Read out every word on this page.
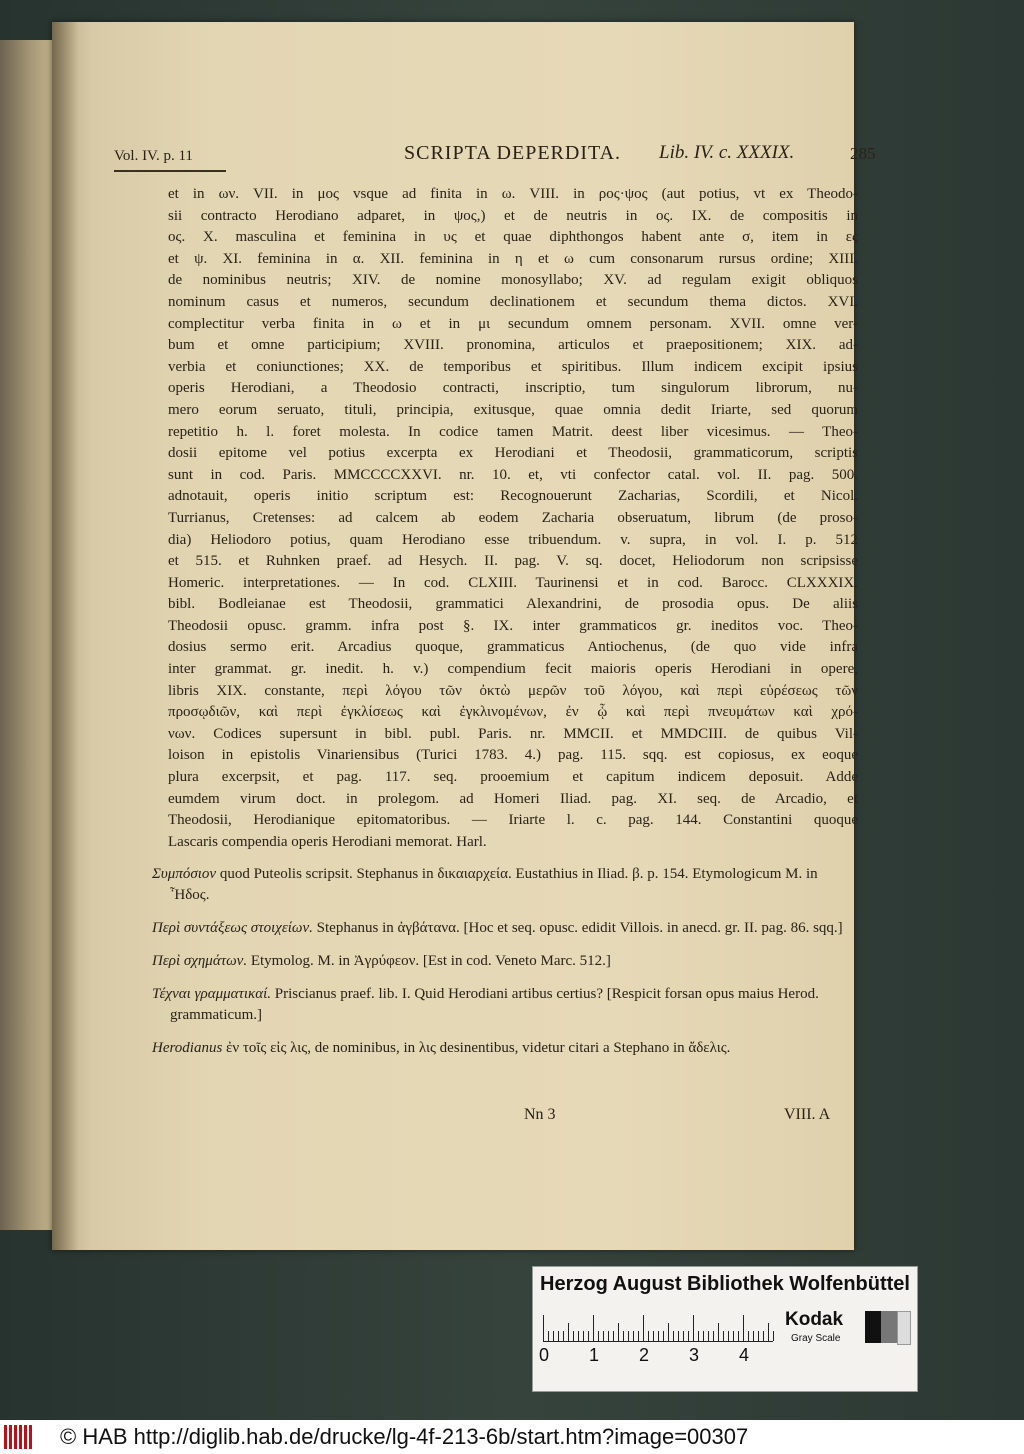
Vol. IV. p. 11	SCRIPTA DEPERDITA. Lib. IV. c. XXXIX.	285
et in ων. VII. in μος vsque ad finita in ω. VIII. in ρος·ψος (aut potius, vt ex Theodo-
sii contracto Herodiano adparet, in ψος,) et de neutris in ος. IX. de compositis in
ος. X. masculina et feminina in υς et quae diphthongos habent ante σ, item in ες
et ψ. XI. feminina in α. XII. feminina in η et ω cum consonarum rursus ordine; XIII.
de nominibus neutris; XIV. de nomine monosyllabo; XV. ad regulam exigit obliquos
nominum casus et numeros, secundum declinationem et secundum thema dictos. XVI.
complectitur verba finita in ω et in μι secundum omnem personam. XVII. omne ver-
bum et omne participium; XVIII. pronomina, articulos et praepositionem; XIX. ad-
verbia et coniunctiones; XX. de temporibus et spiritibus. Illum indicem excipit ipsius
operis Herodiani, a Theodosio contracti, inscriptio, tum singulorum librorum, nu-
mero eorum seruato, tituli, principia, exitusque, quae omnia dedit Iriarte, sed quorum
repetitio h. l. foret molesta. In codice tamen Matrit. deest liber vicesimus. — Theo-
dosii epitome vel potius excerpta ex Herodiani et Theodosii, grammaticorum, scriptis
sunt in cod. Paris. MMCCCCXXVI. nr. 10. et, vti confector catal. vol. II. pag. 500.
adnotauit, operis initio scriptum est: Recognouerunt Zacharias, Scordili, et Nicol.
Turrianus, Cretenses: ad calcem ab eodem Zacharia obseruatum, librum (de proso-
dia) Heliodoro potius, quam Herodiano esse tribuendum. v. supra, in vol. I. p. 512
et 515. et Ruhnken praef. ad Hesych. II. pag. V. sq. docet, Heliodorum non scripsisse
Homeric. interpretationes. — In cod. CLXIII. Taurinensi et in cod. Barocc. CLXXXIX.
bibl. Bodleianae est Theodosii, grammatici Alexandrini, de prosodia opus. De aliis
Theodosii opusc. gramm. infra post §. IX. inter grammaticos gr. ineditos voc. Theo-
dosius sermo erit. Arcadius quoque, grammaticus Antiochenus, (de quo vide infra
inter grammat. gr. inedit. h. v.) compendium fecit maioris operis Herodiani in opere,
libris XIX. constante, περὶ λόγου τῶν ὀκτὼ μερῶν τοῦ λόγου, καὶ περὶ εὑρέσεως τῶν
προσῳδιῶν, καὶ περὶ ἐγκλίσεως καὶ ἐγκλινομένων, ἐν ᾧ καὶ περὶ πνευμάτων καὶ χρό-
νων. Codices supersunt in bibl. publ. Paris. nr. MMCII. et MMDCIII. de quibus Vil-
loison in epistolis Vinariensibus (Turici 1783. 4.) pag. 115. sqq. est copiosus, ex eoque
plura excerpsit, et pag. 117. seq. prooemium et capitum indicem deposuit. Adde
eumdem virum doct. in prolegom. ad Homeri Iliad. pag. XI. seq. de Arcadio, et
Theodosii, Herodianique epitomatoribus. — Iriarte l. c. pag. 144. Constantini quoque
Lascaris compendia operis Herodiani memorat. Harl.
Συμπόσιον quod Puteolis scripsit. Stephanus in δικαιαρχεία. Eustathius in Iliad. β. p. 154. Etymologicum M. in Ἦδος.
Περὶ συντάξεως στοιχείων. Stephanus in ἀγβάτανα. [Hoc et seq. opusc. edidit Villois. in anecd. gr. II. pag. 86. sqq.]
Περὶ σχημάτων. Etymolog. M. in Ἀγρύφεον. [Est in cod. Veneto Marc. 512.]
Τέχναι γραμματικαί. Priscianus praef. lib. I. Quid Herodiani artibus certius? [Respicit forsan opus maius Herod. grammaticum.]
Herodianus ἐν τοῖς εἰς λις, de nominibus, in λις desinentibus, videtur citari a Stephano in ἄδελις.
Nn 3	VIII. A
Herzog August Bibliothek Wolfenbüttel
0 1 2 3 4
Kodak
Gray Scale
© HAB http://diglib.hab.de/drucke/lg-4f-213-6b/start.htm?image=00307
